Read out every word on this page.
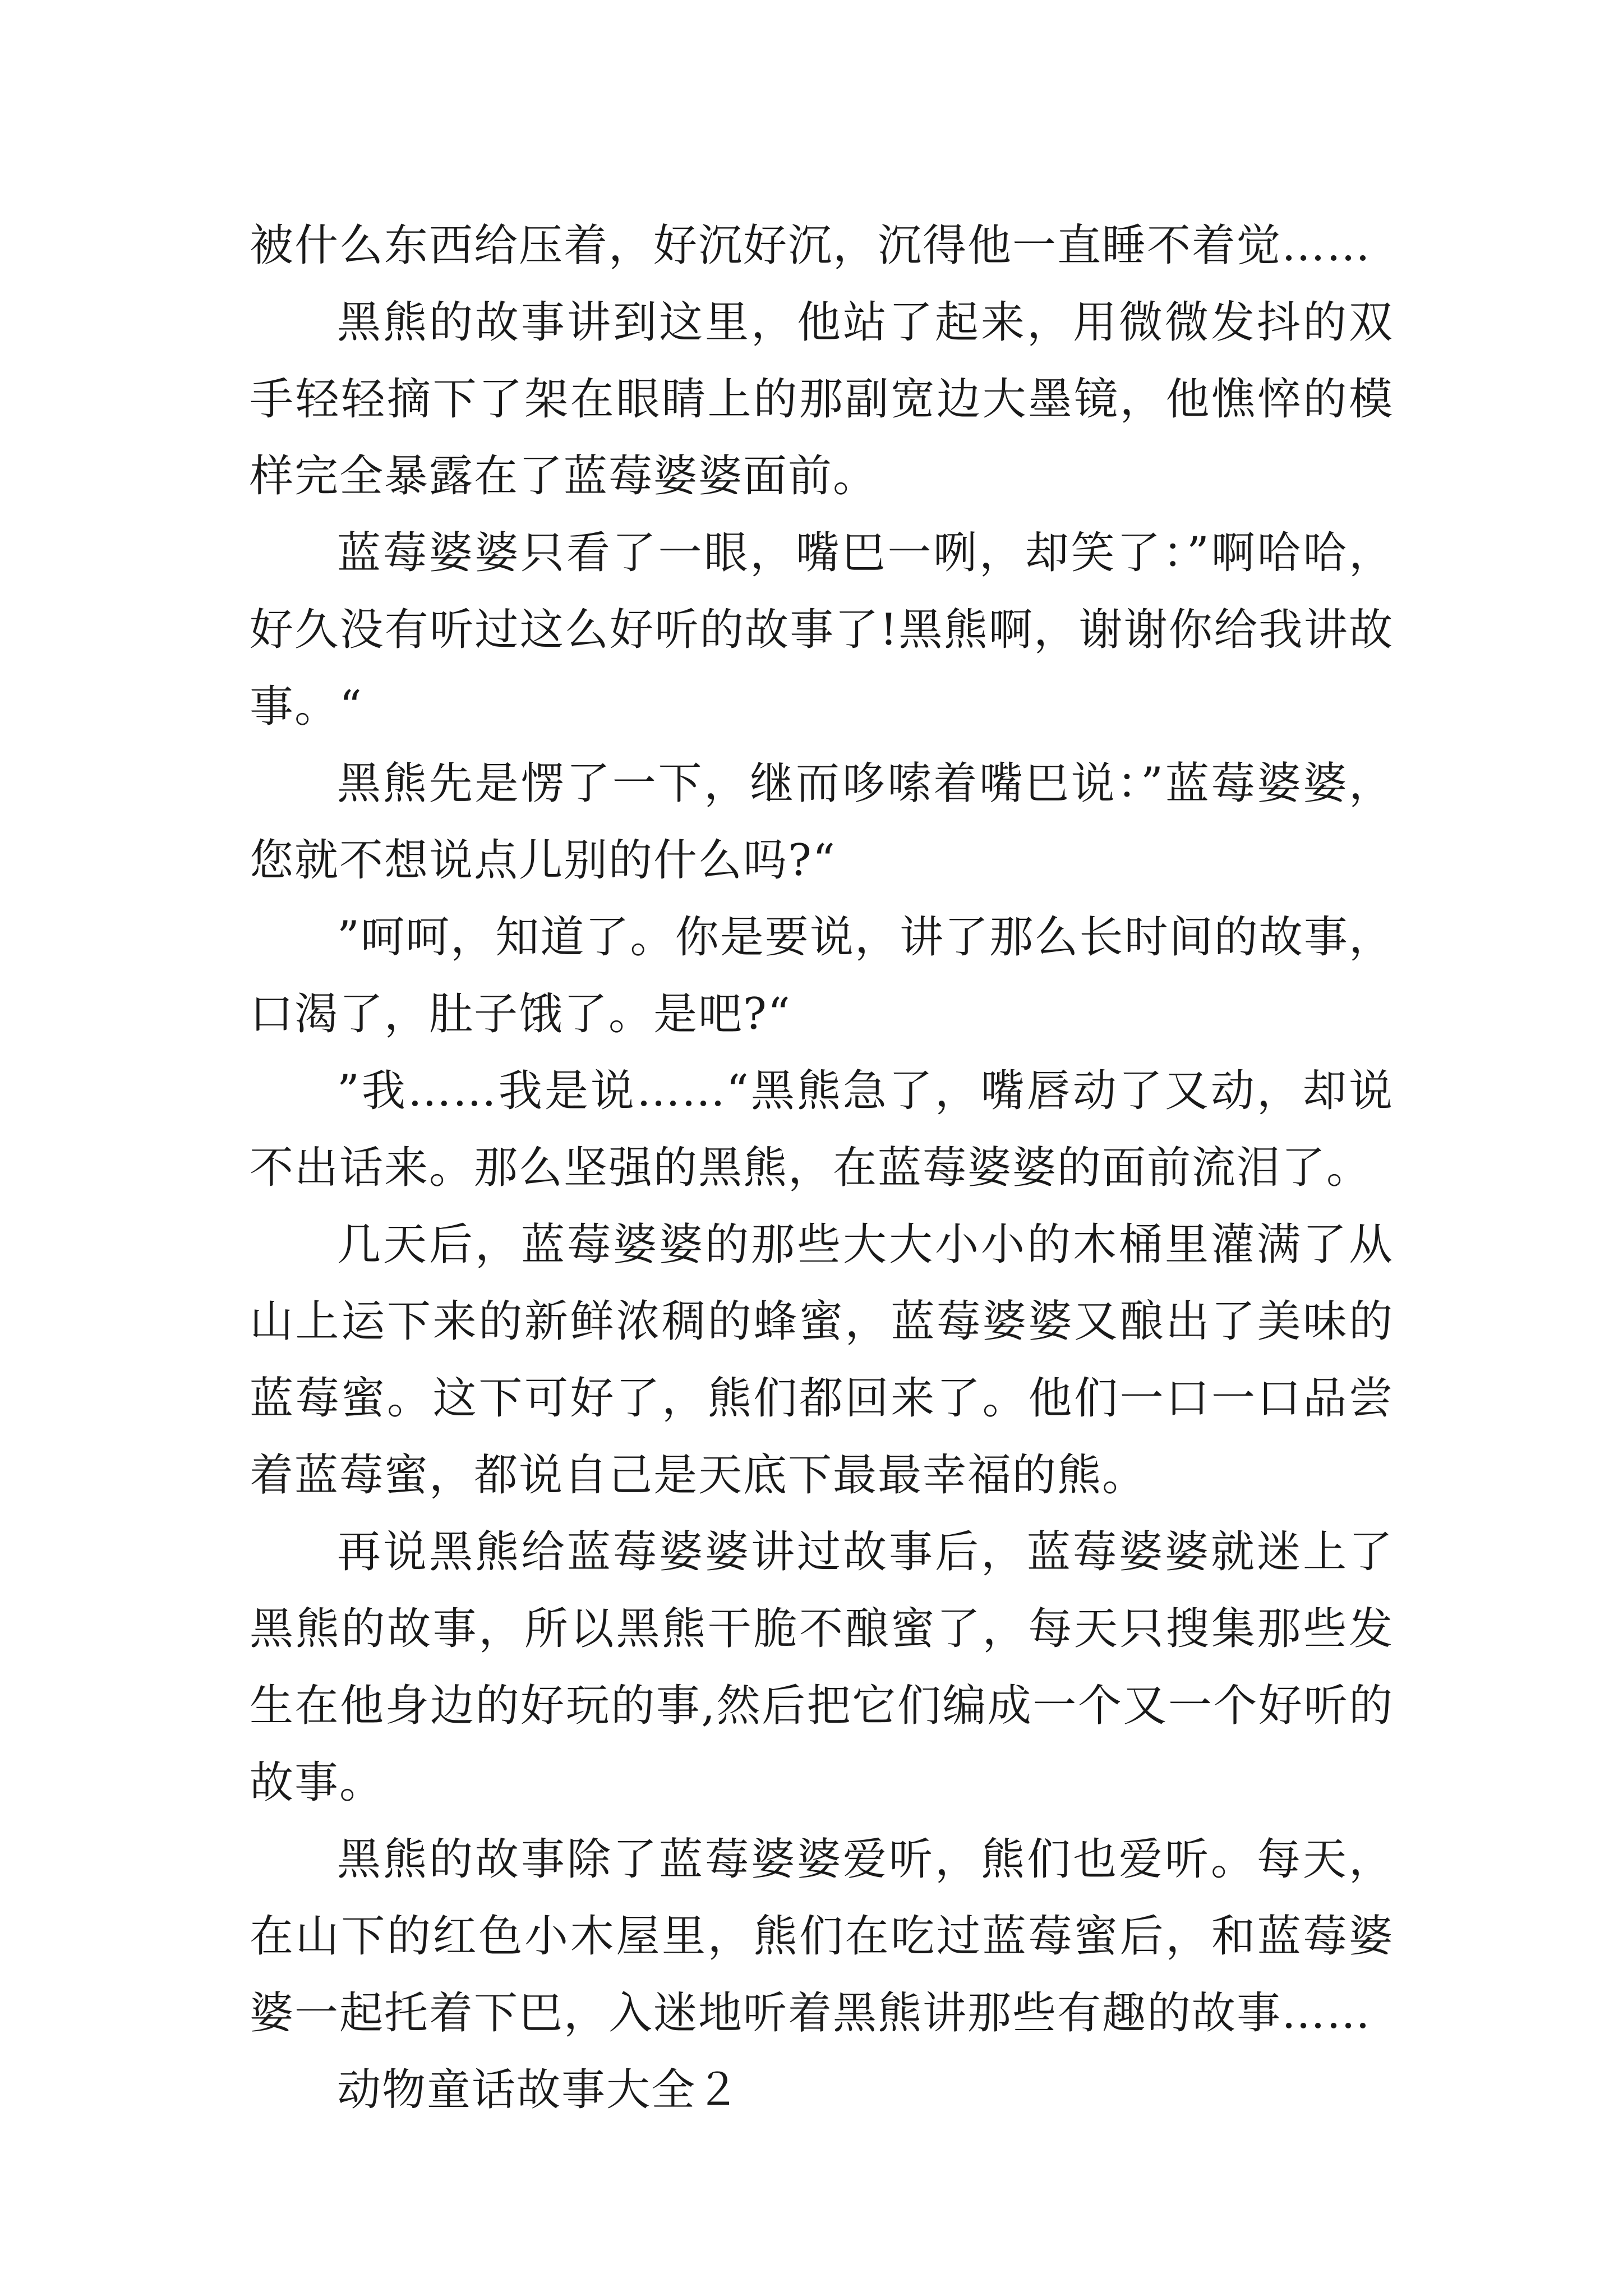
被什么东西给压着，好沉好沉，沉得他一直睡不着觉……

黑熊的故事讲到这里，他站了起来，用微微发抖的双手轻轻摘下了架在眼睛上的那副宽边大墨镜，他憔悴的模样完全暴露在了蓝莓婆婆面前。

蓝莓婆婆只看了一眼，嘴巴一咧，却笑了：”啊哈哈，好久没有听过这么好听的故事了!黑熊啊，谢谢你给我讲故事。“

黑熊先是愣了一下，继而哆嗦着嘴巴说：”蓝莓婆婆，您就不想说点儿别的什么吗?“

”呵呵，知道了。你是要说，讲了那么长时间的故事，口渴了，肚子饿了。是吧?“

”我……我是说……“黑熊急了，嘴唇动了又动，却说不出话来。那么坚强的黑熊，在蓝莓婆婆的面前流泪了。

几天后，蓝莓婆婆的那些大大小小的木桶里灌满了从山上运下来的新鲜浓稠的蜂蜜，蓝莓婆婆又酿出了美味的蓝莓蜜。这下可好了，熊们都回来了。他们一口一口品尝着蓝莓蜜，都说自己是天底下最最幸福的熊。

再说黑熊给蓝莓婆婆讲过故事后，蓝莓婆婆就迷上了黑熊的故事，所以黑熊干脆不酿蜜了，每天只搜集那些发生在他身边的好玩的事,然后把它们编成一个又一个好听的故事。

黑熊的故事除了蓝莓婆婆爱听，熊们也爱听。每天，在山下的红色小木屋里，熊们在吃过蓝莓蜜后，和蓝莓婆婆一起托着下巴，入迷地听着黑熊讲那些有趣的故事……

动物童话故事大全２
